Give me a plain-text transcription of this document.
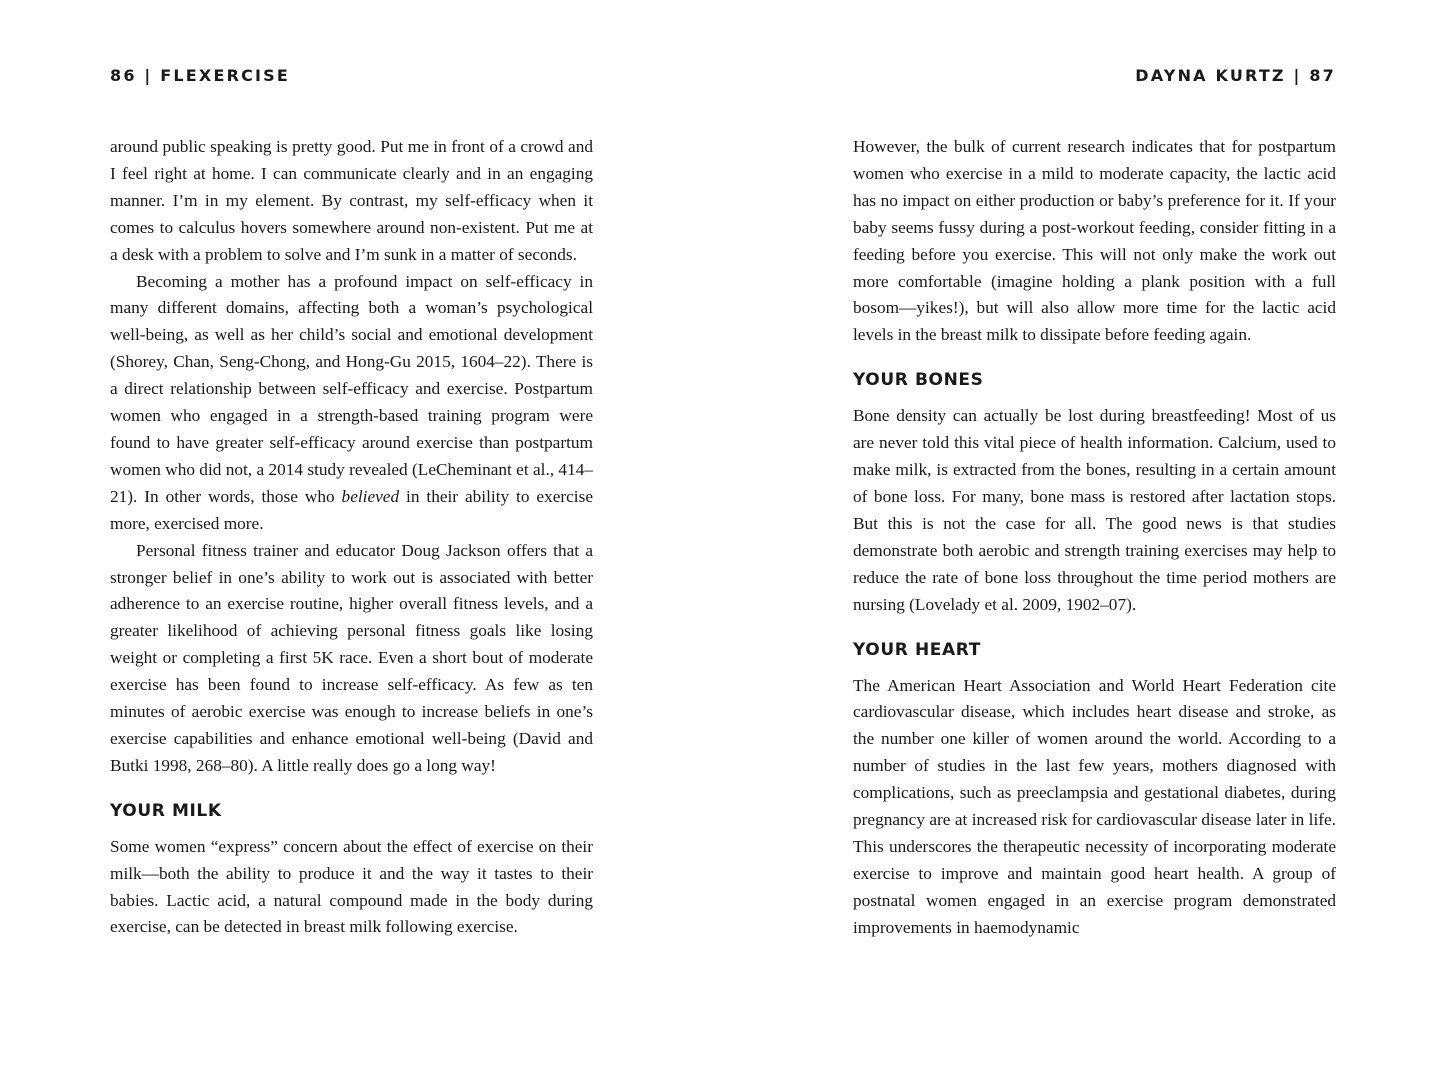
86 | FLEXERCISE

around public speaking is pretty good. Put me in front of a crowd and I feel right at home. I can communicate clearly and in an engaging manner. I’m in my element. By contrast, my self-efficacy when it comes to calculus hovers somewhere around non-existent. Put me at a desk with a problem to solve and I’m sunk in a matter of seconds.

Becoming a mother has a profound impact on self-efficacy in many different domains, affecting both a woman’s psychological well-being, as well as her child’s social and emotional development (Shorey, Chan, Seng-Chong, and Hong-Gu 2015, 1604–22). There is a direct relationship between self-efficacy and exercise. Postpartum women who engaged in a strength-based training program were found to have greater self-efficacy around exercise than postpartum women who did not, a 2014 study revealed (LeCheminant et al., 414–21). In other words, those who believed in their ability to exercise more, exercised more.

Personal fitness trainer and educator Doug Jackson offers that a stronger belief in one’s ability to work out is associated with better adherence to an exercise routine, higher overall fitness levels, and a greater likelihood of achieving personal fitness goals like losing weight or completing a first 5K race. Even a short bout of moderate exercise has been found to increase self-efficacy. As few as ten minutes of aerobic exercise was enough to increase beliefs in one’s exercise capabilities and enhance emotional well-being (David and Butki 1998, 268–80). A little really does go a long way!

YOUR MILK

Some women “express” concern about the effect of exercise on their milk—both the ability to produce it and the way it tastes to their babies. Lactic acid, a natural compound made in the body during exercise, can be detected in breast milk following exercise.

DAYNA KURTZ | 87

However, the bulk of current research indicates that for postpartum women who exercise in a mild to moderate capacity, the lactic acid has no impact on either production or baby’s preference for it. If your baby seems fussy during a post-workout feeding, consider fitting in a feeding before you exercise. This will not only make the work out more comfortable (imagine holding a plank position with a full bosom—yikes!), but will also allow more time for the lactic acid levels in the breast milk to dissipate before feeding again.

YOUR BONES

Bone density can actually be lost during breastfeeding! Most of us are never told this vital piece of health information. Calcium, used to make milk, is extracted from the bones, resulting in a certain amount of bone loss. For many, bone mass is restored after lactation stops. But this is not the case for all. The good news is that studies demonstrate both aerobic and strength training exercises may help to reduce the rate of bone loss throughout the time period mothers are nursing (Lovelady et al. 2009, 1902–07).

YOUR HEART

The American Heart Association and World Heart Federation cite cardiovascular disease, which includes heart disease and stroke, as the number one killer of women around the world. According to a number of studies in the last few years, mothers diagnosed with complications, such as preeclampsia and gestational diabetes, during pregnancy are at increased risk for cardiovascular disease later in life. This underscores the therapeutic necessity of incorporating moderate exercise to improve and maintain good heart health. A group of postnatal women engaged in an exercise program demonstrated improvements in haemodynamic
